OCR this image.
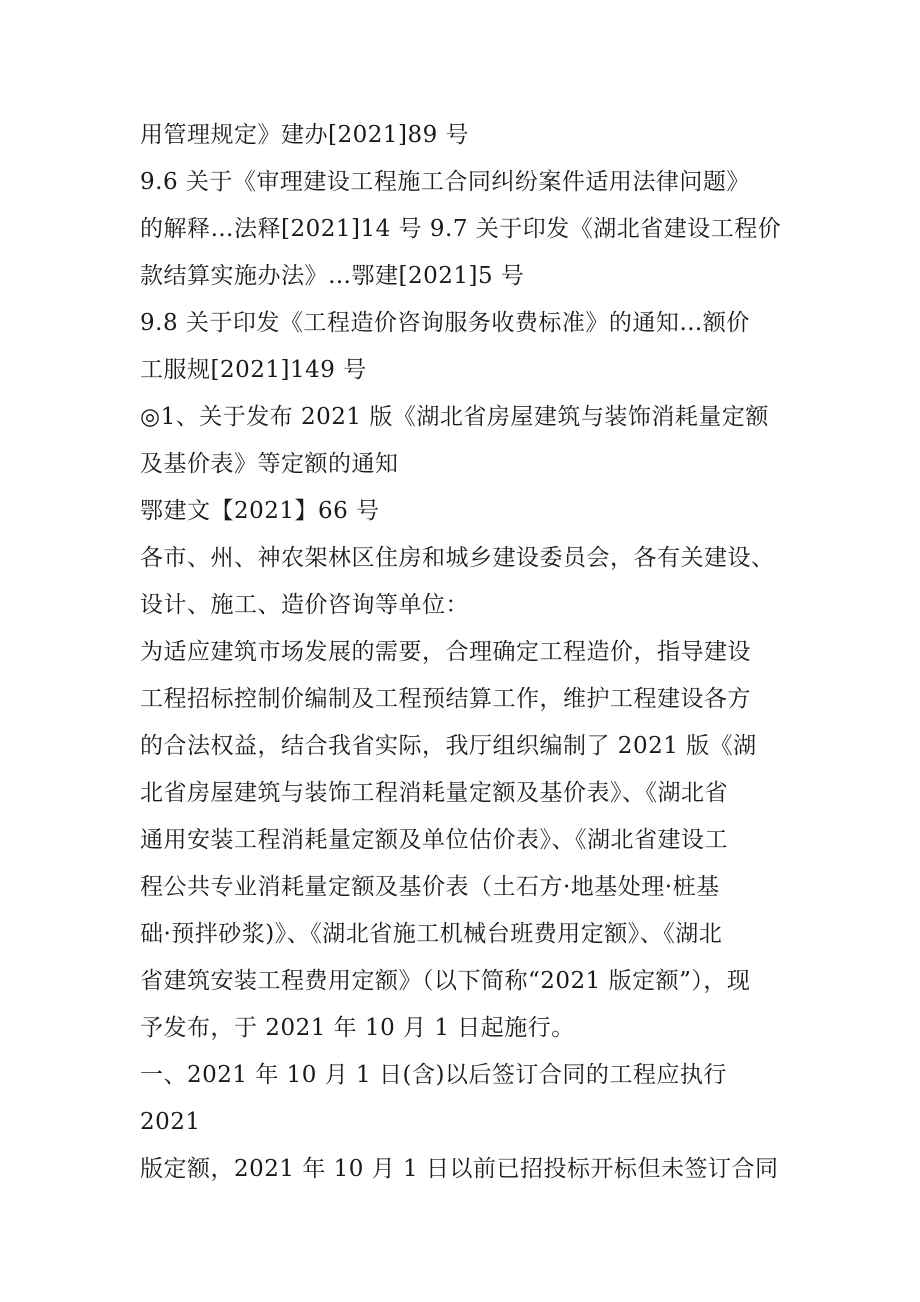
用管理规定》建办[2021]89 号

9.6 关于《审理建设工程施工合同纠纷案件适用法律问题》

的解释…法释[2021]14 号 9.7 关于印发《湖北省建设工程价

款结算实施办法》…鄂建[2021]5 号

9.8 关于印发《工程造价咨询服务收费标准》的通知…额价

工服规[2021]149 号

◎1、关于发布 2021 版《湖北省房屋建筑与装饰消耗量定额

及基价表》等定额的通知

鄂建文【2021】66 号

各市、州、神农架林区住房和城乡建设委员会，各有关建设、

设计、施工、造价咨询等单位：

为适应建筑市场发展的需要，合理确定工程造价，指导建设

工程招标控制价编制及工程预结算工作，维护工程建设各方

的合法权益，结合我省实际，我厅组织编制了 2021 版《湖

北省房屋建筑与装饰工程消耗量定额及基价表》、《湖北省

通用安装工程消耗量定额及单位估价表》、《湖北省建设工

程公共专业消耗量定额及基价表（土石方·地基处理·桩基

础·预拌砂浆)》、《湖北省施工机械台班费用定额》、《湖北

省建筑安装工程费用定额》（以下简称“2021 版定额”），现

予发布，于 2021 年 10 月 1 日起施行。

一、2021 年 10 月 1 日(含)以后签订合同的工程应执行 2021

版定额，2021 年 10 月 1 日以前已招投标开标但未签订合同
